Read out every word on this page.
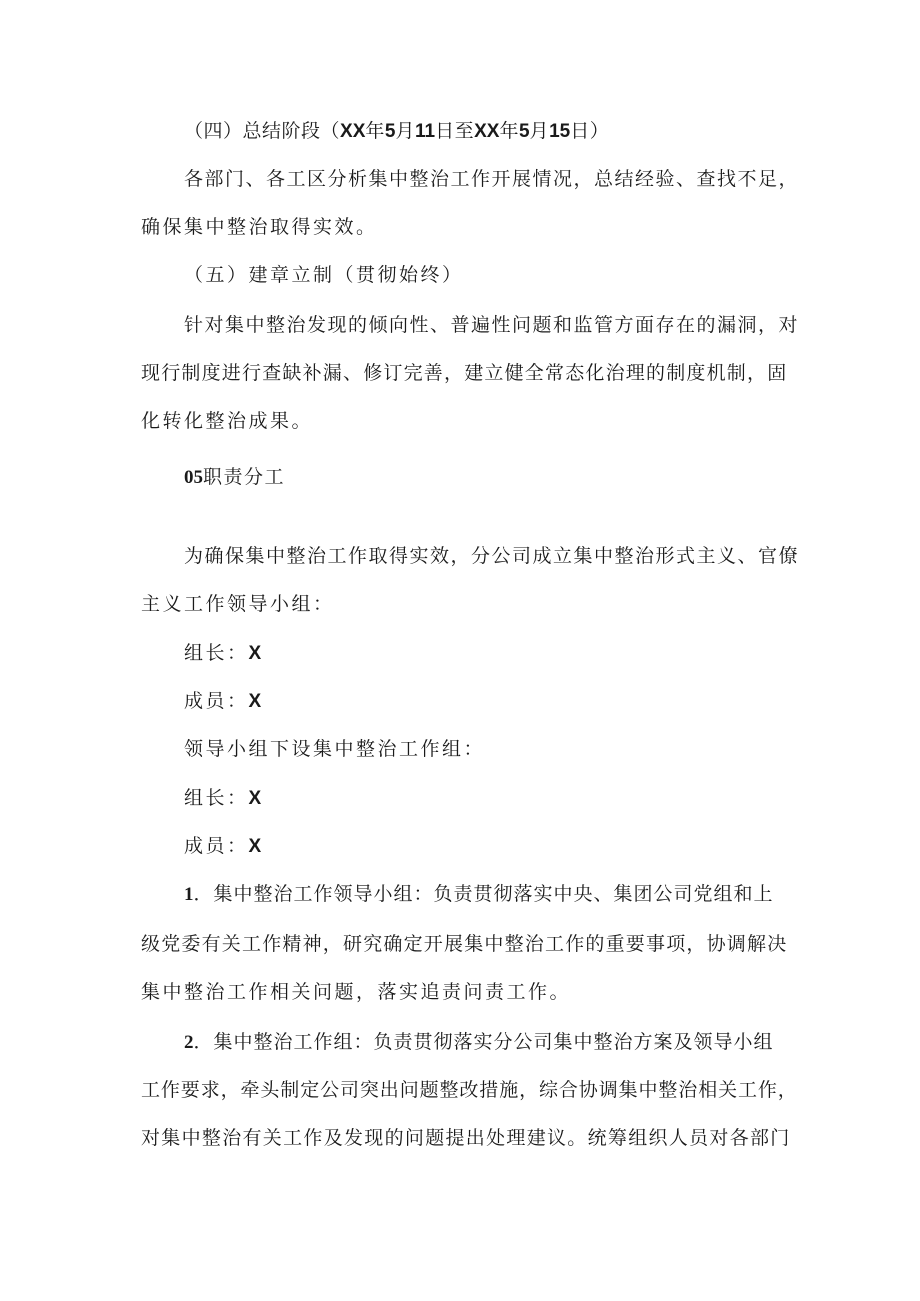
（四）总结阶段（XX年5月11日至XX年5月15日）
各部门、各工区分析集中整治工作开展情况，总结经验、查找不足，
确保集中整治取得实效。
（五）建章立制（贯彻始终）
针对集中整治发现的倾向性、普遍性问题和监管方面存在的漏洞，对
现行制度进行查缺补漏、修订完善，建立健全常态化治理的制度机制，固
化转化整治成果。
05职责分工
为确保集中整治工作取得实效，分公司成立集中整治形式主义、官僚
主义工作领导小组：
组长：X
成员：X
领导小组下设集中整治工作组：
组长：X
成员：X
1．集中整治工作领导小组：负责贯彻落实中央、集团公司党组和上
级党委有关工作精神，研究确定开展集中整治工作的重要事项，协调解决
集中整治工作相关问题，落实追责问责工作。
2．集中整治工作组：负责贯彻落实分公司集中整治方案及领导小组
工作要求，牵头制定公司突出问题整改措施，综合协调集中整治相关工作，
对集中整治有关工作及发现的问题提出处理建议。统筹组织人员对各部门
